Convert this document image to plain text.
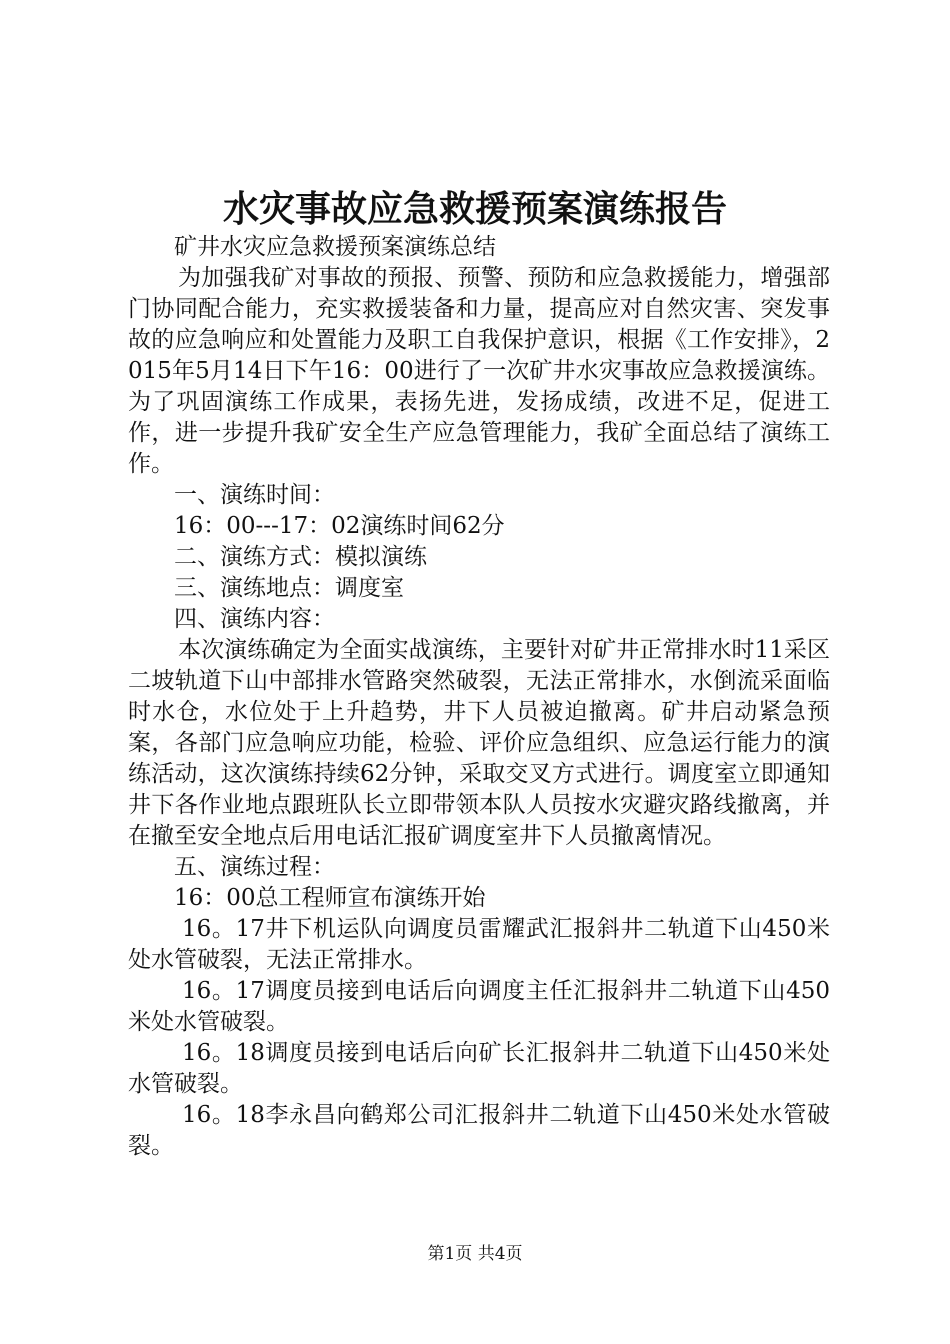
水灾事故应急救援预案演练报告

矿井水灾应急救援预案演练总结

为加强我矿对事故的预报、预警、预防和应急救援能力，增强部门协同配合能力，充实救援装备和力量，提高应对自然灾害、突发事故的应急响应和处置能力及职工自我保护意识，根据《工作安排》，2015年5月14日下午16：00进行了一次矿井水灾事故应急救援演练。为了巩固演练工作成果，表扬先进，发扬成绩，改进不足，促进工作，进一步提升我矿安全生产应急管理能力，我矿全面总结了演练工作。

一、演练时间：

16：00---17：02演练时间62分

二、演练方式：模拟演练

三、演练地点：调度室

四、演练内容：

本次演练确定为全面实战演练，主要针对矿井正常排水时11采区二坡轨道下山中部排水管路突然破裂，无法正常排水，水倒流采面临时水仓，水位处于上升趋势，井下人员被迫撤离。矿井启动紧急预案，各部门应急响应功能，检验、评价应急组织、应急运行能力的演练活动，这次演练持续62分钟，采取交叉方式进行。调度室立即通知井下各作业地点跟班队长立即带领本队人员按水灾避灾路线撤离，并在撤至安全地点后用电话汇报矿调度室井下人员撤离情况。

五、演练过程：

16：00总工程师宣布演练开始

16。17井下机运队向调度员雷耀武汇报斜井二轨道下山450米处水管破裂，无法正常排水。

16。17调度员接到电话后向调度主任汇报斜井二轨道下山450米处水管破裂。

16。18调度员接到电话后向矿长汇报斜井二轨道下山450米处水管破裂。

16。18李永昌向鹤郑公司汇报斜井二轨道下山450米处水管破裂。

第1页 共4页
